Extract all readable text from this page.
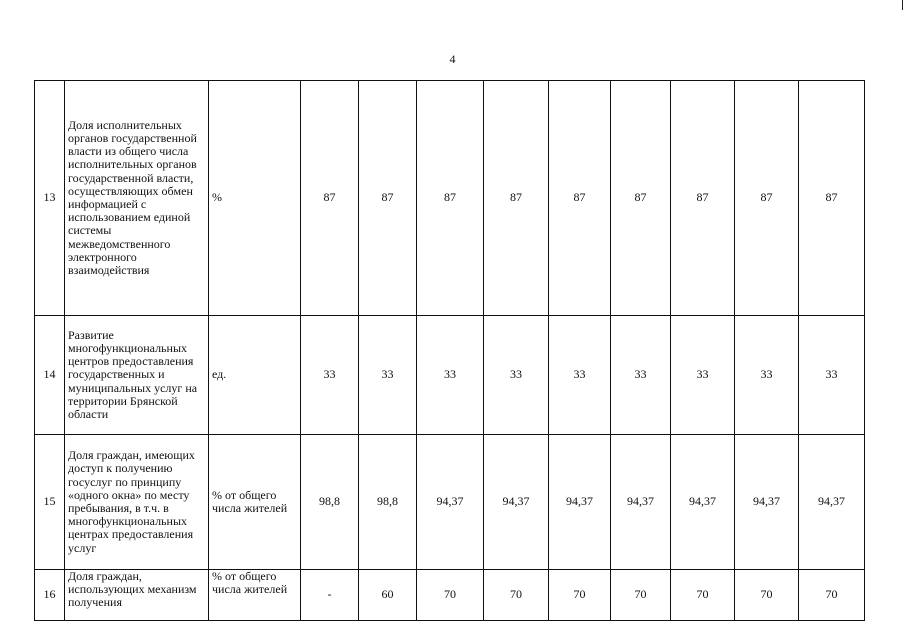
4
13	Доля исполнительных органов государственной власти из общего числа исполнительных органов государственной власти, осуществляющих обмен информацией с использованием единой системы межведомственного электронного взаимодействия	%	87	87	87	87	87	87	87	87	87
14	Развитие многофункциональных центров предоставления государственных и муниципальных услуг на территории Брянской области	ед.	33	33	33	33	33	33	33	33	33
15	Доля граждан, имеющих доступ к получению госуслуг по принципу «одного окна» по месту пребывания, в т.ч. в многофункциональных центрах предоставления услуг	% от общего числа жителей	98,8	98,8	94,37	94,37	94,37	94,37	94,37	94,37	94,37
16	Доля граждан, использующих механизм получения	% от общего числа жителей	-	60	70	70	70	70	70	70	70
